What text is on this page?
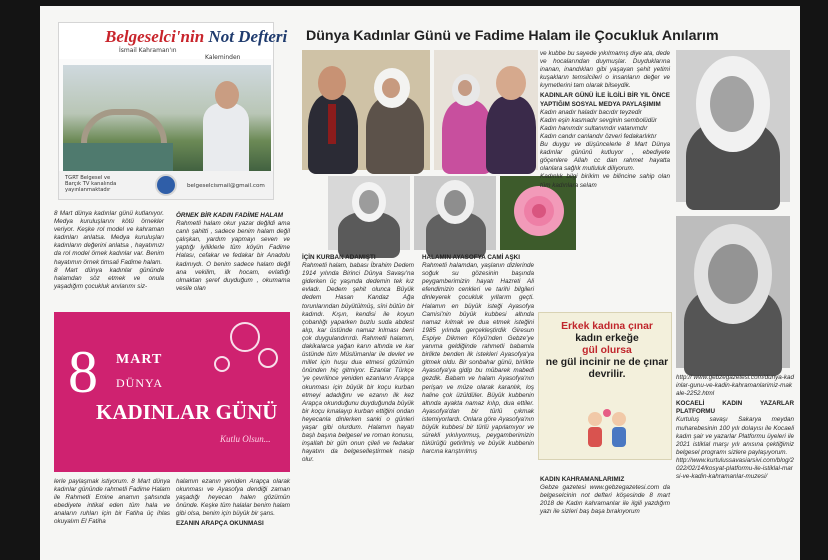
Belgeselci'nin Not Defteri
İsmail Kahraman'ın
Kaleminden
TGRT Belgesel ve Barçık TV kanalında yayınlanmaktadır
belgeselcismail@gmail.com
Dünya Kadınlar Günü ve Fadime Halam ile Çocukluk Anılarım
8 Mart dünya kadınlar günü kutlanıyor. Medya kuruluşlarını kötü örnekler veriyor. Keşke rol model ve kahraman kadınları anlatsa. Medya kuruluşları kadınların değerini anlatsa , hayatımızı da rol model örnek kadınlar var. Benim hayatımın örnek timsali Fadime halam.
8 Mart dünya kadınlar gününde halamdan söz etmek ve onula yaşadığım çocukluk anılarımı siz-
lerle paylaşmak istiyorum. 8 Mart dünya kadınlar gününde rahmetli Fadime Halam ile Rahmetli Emine anamın şahsında ebediyete intikal eden tüm hala ve anaların ruhları için bir Fatiha üç ihlas okuyalım El Fatiha
ÖRNEK BİR KADIN FADİME HALAM
Rahmetli halam okur yazar değildi ama canlı şahitti , sadece benim halam değil çalışkan, yardım yapmayı seven ve yaptığı iyiliklerle tüm köyün Fadime Halası, cefakar ve fedakar bir Anadolu kadınıydı. O benim sadece halam değil ana vekilim, ilk hocam, evlatlığı olmaktan şeref duyduğum , okumama vesile olan
halamın ezanın yeniden Arapça olarak okunması ve Ayasofya dendiği zaman yaşadığı heyecan halen gözümün önünde. Keşke tüm halalar benim halam gibi olsa, benim için büyük bir şans.
EZANIN ARAPÇA OKUNMASI
İÇİN KURBAN ADAMIŞTI
Rahmetli halam, babası İbrahim Dedem 1914 yılında Birinci Dünya Savaşı'na giderken üç yaşında dedemin tek kız evladı. Dedem şehit olunca Büyük dedem Hasan Kandaz Ağa torunlarından büyütülmüş, sîni bütün bir kadındı. Kışın, kendisi ile koyun çobanlığı yaparken buzlu suda abdest alıp, kar üstünde namaz kılması beni çok duygulandırırdı. Rahmetli halamın, dakikalarca yağan karın altında ve kar üstünde tüm Müslümanlar ile devlet ve millet için huşu dua etmesi gözümün önünden hiç gitmiyor. Ezanlar Türkçe 'ye çevrilince yeniden ezanların Arapça okunması için büyük bir koçu kurban etmeyi adadığını ve ezanın ilk kez Arapça okunduğunu duyduğunda büyük bir koçu kınalayıp kurban ettiğini ondan heyecanla dinlerken sanki o günleri yaşar gibi olurdum. Halamın hayatı başlı başına belgesel ve roman konusu, inşallah bir gün onun çileli ve fedakar hayatını da belgeselleştirmek nasip olur.
HALAMIN AYASOFYA CAMİ AŞKI
Rahmetli halamdan, yaşlanın dizlerinde soğuk su gözesinin başında peygamberimizin hayatı Hazreti Ali efendimizin cenkleri ve tarihi bilgileri dinleyerek çocukluk yıllarım geçti. Halamın en büyük isteği Ayasofya Camisi'nin büyük kubbesi altında namaz kılmak ve dua etmek isteğini 1985 yılında gerçekleştirdik Giresun Espiye Dikmen Köyü'nden Gebze'ye yanıma geldiğinde rahmetli babamla birlikte benden ilk istekleri Ayasofya'ya gitmek oldu. Bir sonbahar günü, birlikte Ayasofya'ya gidip bu mübarek mabedi gezdik. Babam ve halam Ayasofya'nın perişan ve müze olarak karanlık, loş haline çok üzüldüler. Büyük kubbenin altında ayakta namaz kılıp, dua ettiler. Ayasofya'dan bir türlü çıkmak istemiyorlardı. Onlara göre Ayasofya'nın büyük kubbesi bir türlü yapılamıyor ve sürekli yıkılıyormuş, peygamberimizin tükürüğü getirilmiş ve büyük kubbenin harcına karıştırılmış
ve kubbe bu sayede yıkılmamış diye ata, dede ve hocalarından duymuşlar. Duyduklarına inanan, inandıkları gibi yaşayan şehit yetimi kuşakların temsilcileri o insanların değer ve kıymetlerini tam olarak bilseydik.
KADINLAR GÜNÜ İLE İLGİLİ BİR YIL ÖNCE YAPTIĞIM SOSYAL MEDYA PAYLAŞIMIM
Kadın anadır haladır bacıdır teyzedir
Kadın eşin kasmadır sevginin sembolüdür
Kadın hanımdır sultanımdır vatanımdır
Kadın candır canlandır özveri fedakarlıktır
Bu duygu ve düşüncelerle 8 Mart Dünya kadınlar gününü kutluyor , ebediyete göçenlere Allah cc dan rahmet hayatta olanlara sağlık mutluluk diliyorum.
Kadınlık bilgi birikim ve bilincine sahip olan tüm kadınlara selam
KADIN KAHRAMANLARIMIZ
Gebze gazetesi www.gebzegazetesi.com da belgeselcinin not defteri köşesinde 8 mart 2018 de Kadın kahramanlar ile ilgili yazdığım yazı ile sizleri baş başa bırakıyorum
http:// www.gebzegazetesi.com/dunya-kadinlar-gunu-ve-kadin-kahramanlarimiz-makale-2252.html
KOCAELİ KADIN YAZARLAR PLATFORMU
Kurtuluş savaşı Sakarya meydan muharebesinin 100 yılı dolayısı ile Kocaeli kadın şair ve yazarlar Platformu üyeleri ile 2021 istiklal marşı yılı anısına çektiğimiz belgesel programı sizlere paylaşıyorum.
http://www.kurtulussavasiarsivi.com/blog/2022/02/14/kosyat-platformu-ile-istiklal-marsi-ve-kadin-kahramanlar-muzesi/
8 MART
DÜNYA
KADINLAR GÜNÜ
Kutlu Olsun...
Erkek kadına çınar
kadın erkeğe
gül olursa
ne gül incinir ne de çınar devrilir.
